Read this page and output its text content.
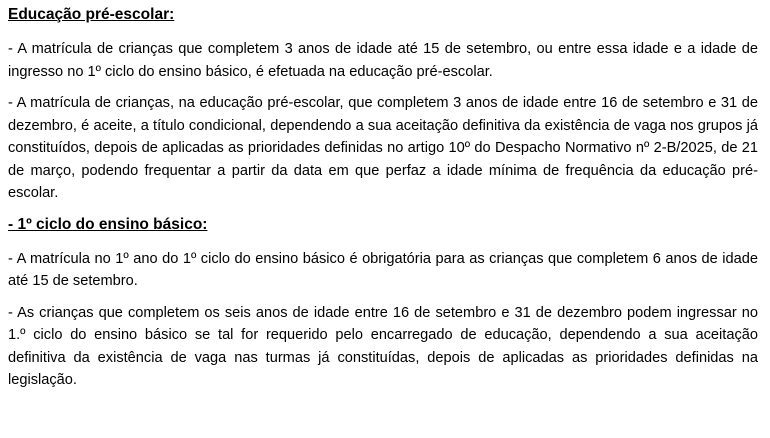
Educação pré-escolar:

- A matrícula de crianças que completem 3 anos de idade até 15 de setembro, ou entre essa idade e a idade de ingresso no 1º ciclo do ensino básico, é efetuada na educação pré-escolar.

- A matrícula de crianças, na educação pré-escolar, que completem 3 anos de idade entre 16 de setembro e 31 de dezembro, é aceite, a título condicional, dependendo a sua aceitação definitiva da existência de vaga nos grupos já constituídos, depois de aplicadas as prioridades definidas no artigo 10º do Despacho Normativo nº 2-B/2025, de 21 de março, podendo frequentar a partir da data em que perfaz a idade mínima de frequência da educação pré-escolar.

- 1º ciclo do ensino básico:

- A matrícula no 1º ano do 1º ciclo do ensino básico é obrigatória para as crianças que completem 6 anos de idade até 15 de setembro.

- As crianças que completem os seis anos de idade entre 16 de setembro e 31 de dezembro podem ingressar no 1.º ciclo do ensino básico se tal for requerido pelo encarregado de educação, dependendo a sua aceitação definitiva da existência de vaga nas turmas já constituídas, depois de aplicadas as prioridades definidas na legislação.
